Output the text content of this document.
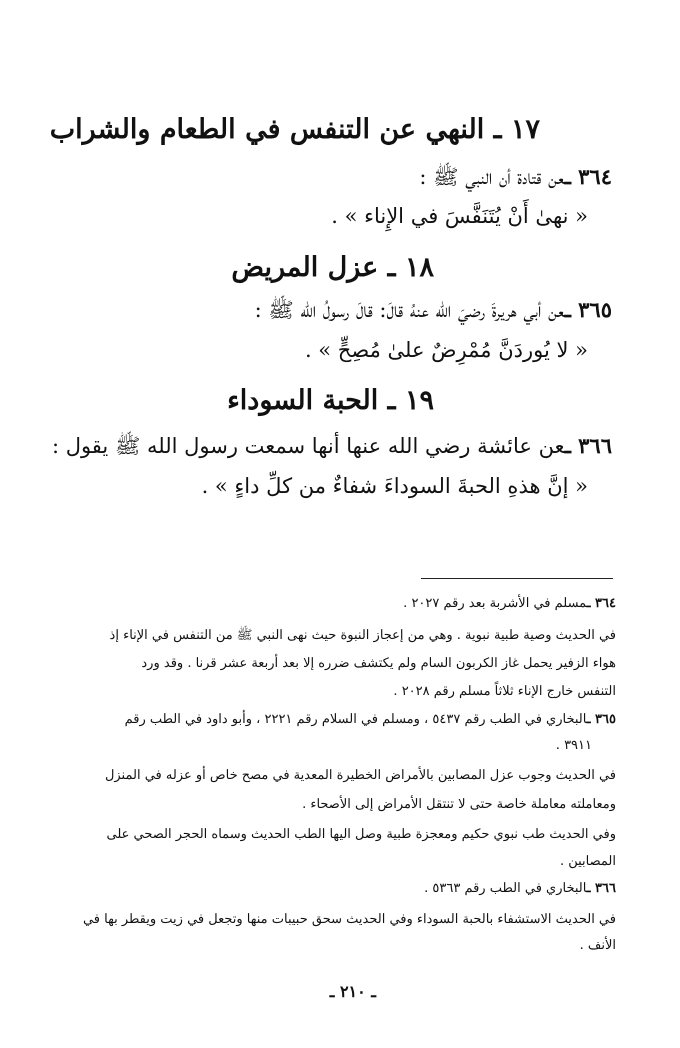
١٧ ـ النهي عن التنفس في الطعام والشراب
٣٦٤ ـعن قتادة أن النبي ﷺ :
« نهىٰ أَنْ يُتَنَفَّسَ في الإِناء » .
١٨ ـ عزل المريض
٣٦٥ ـعن أبي هريرةَ رضيَ الله عنهُ قالَ: قالَ رسولُ الله ﷺ :
« لا يُوردَنَّ مُمْرِضٌ علىٰ مُصِحٍّ » .
١٩ ـ الحبة السوداء
٣٦٦ ـعن عائشة رضي الله عنها أنها سمعت رسول الله ﷺ يقول :
« إنَّ هذهِ الحبةَ السوداءَ شفاءٌ من كلِّ داءٍ » .
٣٦٤ ـمسلم في الأشربة بعد رقم ٢٠٢٧ .
في الحديث وصية طبية نبوية . وهي من إعجاز النبوة حيث نهى النبي ﷺ من التنفس في الإناء إذ
هواء الزفير يحمل غاز الكربون السام ولم يكتشف ضرره إلا بعد أربعة عشر قرنا . وقد ورد
التنفس خارج الإناء ثلاثاً مسلم رقم ٢٠٢٨ .
٣٦٥ ـالبخاري في الطب رقم ٥٤٣٧ ، ومسلم في السلام رقم ٢٢٢١ ، وأبو داود في الطب رقم
٣٩١١ .
في الحديث وجوب عزل المصابين بالأمراض الخطيرة المعدية في مصح خاص أو عزله في المنزل
ومعاملته معاملة خاصة حتى لا تنتقل الأمراض إلى الأصحاء .
وفي الحديث طب نبوي حكيم ومعجزة طبية وصل اليها الطب الحديث وسماه الحجر الصحي على
المصابين .
٣٦٦ ـالبخاري في الطب رقم ٥٣٦٣ .
في الحديث الاستشفاء بالحبة السوداء وفي الحديث سحق حبيبات منها وتجعل في زيت ويقطر بها في
الأنف .
ـ ٢١٠ ـ
